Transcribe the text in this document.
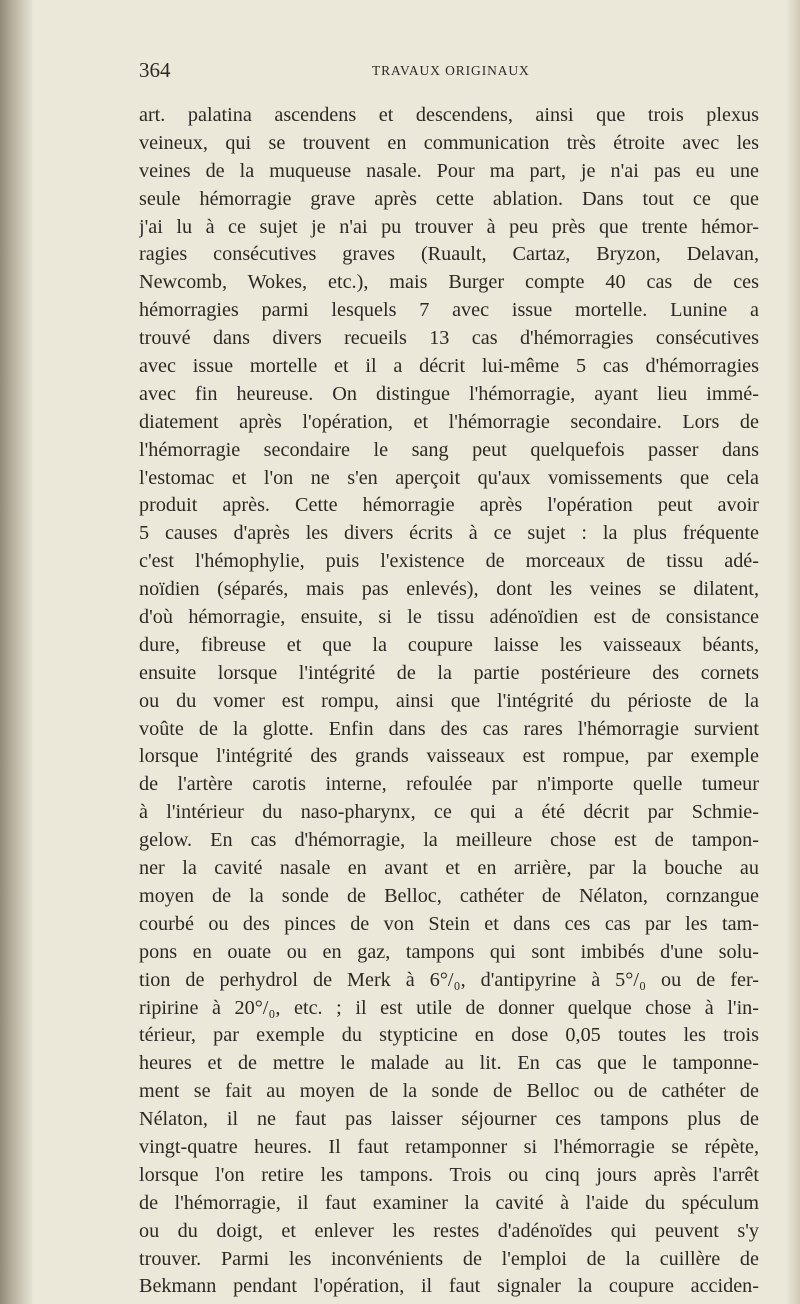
364	TRAVAUX ORIGINAUX
art. palatina ascendens et descendens, ainsi que trois plexus
veineux, qui se trouvent en communication très étroite avec les
veines de la muqueuse nasale. Pour ma part, je n'ai pas eu une
seule hémorragie grave après cette ablation. Dans tout ce que
j'ai lu à ce sujet je n'ai pu trouver à peu près que trente hémor-
ragies consécutives graves (Ruault, Cartaz, Bryzon, Delavan,
Newcomb, Wokes, etc.), mais Burger compte 40 cas de ces
hémorragies parmi lesquels 7 avec issue mortelle. Lunine a
trouvé dans divers recueils 13 cas d'hémorragies consécutives
avec issue mortelle et il a décrit lui-même 5 cas d'hémorragies
avec fin heureuse. On distingue l'hémorragie, ayant lieu immé-
diatement après l'opération, et l'hémorragie secondaire. Lors de
l'hémorragie secondaire le sang peut quelquefois passer dans
l'estomac et l'on ne s'en aperçoit qu'aux vomissements que cela
produit après. Cette hémorragie après l'opération peut avoir
5 causes d'après les divers écrits à ce sujet : la plus fréquente
c'est l'hémophylie, puis l'existence de morceaux de tissu adé-
noïdien (séparés, mais pas enlevés), dont les veines se dilatent,
d'où hémorragie, ensuite, si le tissu adénoïdien est de consistance
dure, fibreuse et que la coupure laisse les vaisseaux béants,
ensuite lorsque l'intégrité de la partie postérieure des cornets
ou du vomer est rompu, ainsi que l'intégrité du périoste de la
voûte de la glotte. Enfin dans des cas rares l'hémorragie survient
lorsque l'intégrité des grands vaisseaux est rompue, par exemple
de l'artère carotis interne, refoulée par n'importe quelle tumeur
à l'intérieur du naso-pharynx, ce qui a été décrit par Schmie-
gelow. En cas d'hémorragie, la meilleure chose est de tampon-
ner la cavité nasale en avant et en arrière, par la bouche au
moyen de la sonde de Belloc, cathéter de Nélaton, cornzangue
courbé ou des pinces de von Stein et dans ces cas par les tam-
pons en ouate ou en gaz, tampons qui sont imbibés d'une solu-
tion de perhydrol de Merk à 6°/₀, d'antipyrine à 5°/₀ ou de fer-
ripirine à 20°/₀, etc. ; il est utile de donner quelque chose à l'in-
térieur, par exemple du stypticine en dose 0,05 toutes les trois
heures et de mettre le malade au lit. En cas que le tamponne-
ment se fait au moyen de la sonde de Belloc ou de cathéter de
Nélaton, il ne faut pas laisser séjourner ces tampons plus de
vingt-quatre heures. Il faut retamponner si l'hémorragie se répète,
lorsque l'on retire les tampons. Trois ou cinq jours après l'arrêt
de l'hémorragie, il faut examiner la cavité à l'aide du spéculum
ou du doigt, et enlever les restes d'adénoïdes qui peuvent s'y
trouver. Parmi les inconvénients de l'emploi de la cuillère de
Bekmann pendant l'opération, il faut signaler la coupure acciden-
